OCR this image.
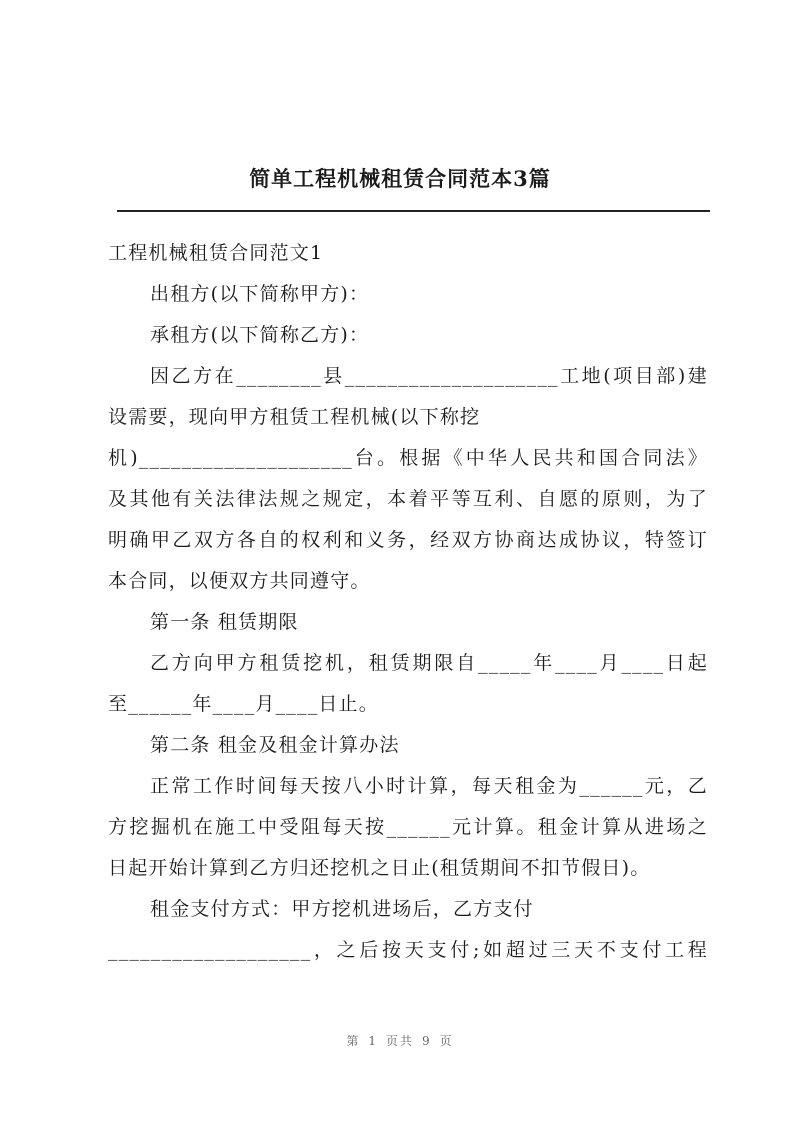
简单工程机械租赁合同范本3篇
工程机械租赁合同范文1
出租方(以下简称甲方)：
承租方(以下简称乙方)：
因乙方在________县____________________工地(项目部)建
设需要，现向甲方租赁工程机械(以下称挖
机)____________________台。根据《中华人民共和国合同法》
及其他有关法律法规之规定，本着平等互利、自愿的原则，为了
明确甲乙双方各自的权利和义务，经双方协商达成协议，特签订
本合同，以便双方共同遵守。
第一条 租赁期限
乙方向甲方租赁挖机，租赁期限自_____年____月____日起
至______年____月____日止。
第二条 租金及租金计算办法
正常工作时间每天按八小时计算，每天租金为______元，乙
方挖掘机在施工中受阻每天按______元计算。租金计算从进场之
日起开始计算到乙方归还挖机之日止(租赁期间不扣节假日)。
租金支付方式：甲方挖机进场后，乙方支付
___________________，之后按天支付;如超过三天不支付工程
第 1 页共 9 页
